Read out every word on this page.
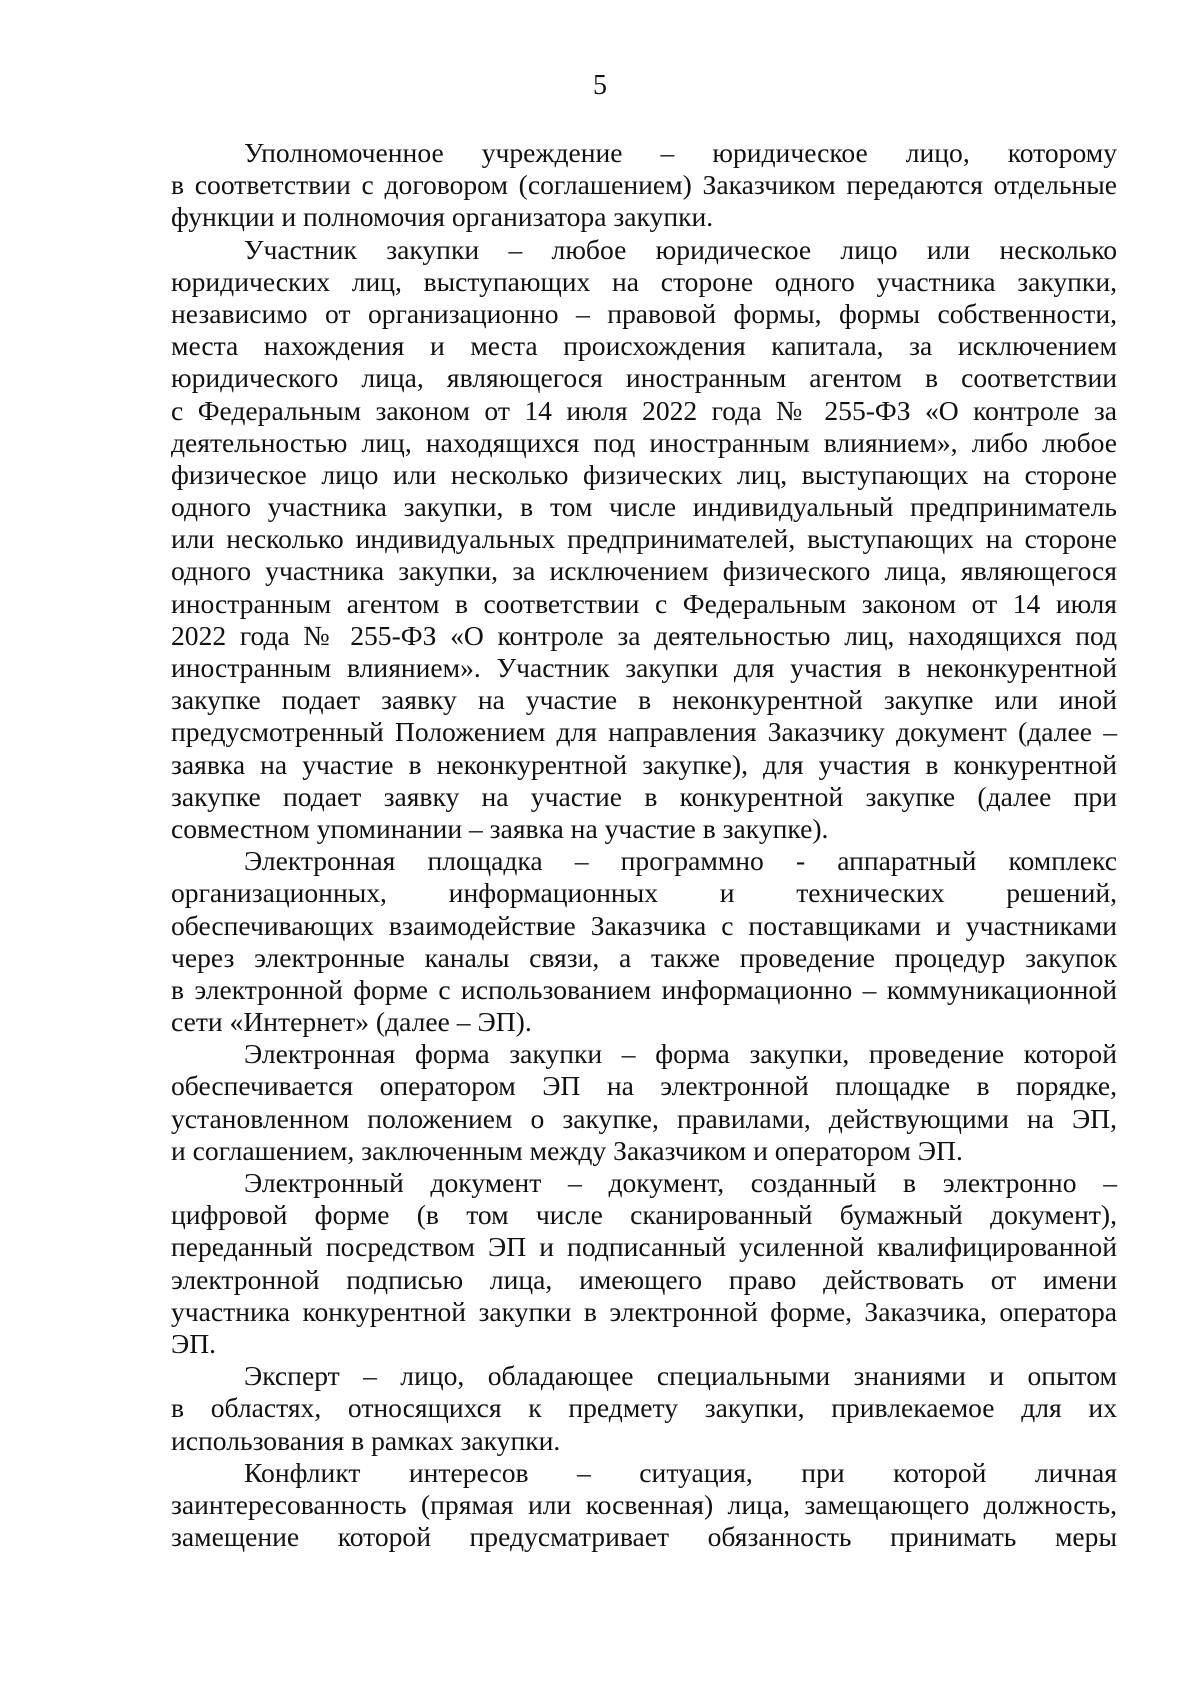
5
Уполномоченное учреждение – юридическое лицо, которому
в соответствии с договором (соглашением) Заказчиком передаются отдельные
функции и полномочия организатора закупки.
Участник закупки – любое юридическое лицо или несколько
юридических лиц, выступающих на стороне одного участника закупки,
независимо от организационно – правовой формы, формы собственности,
места нахождения и места происхождения капитала, за исключением
юридического лица, являющегося иностранным агентом в соответствии
с Федеральным законом от 14 июля 2022 года № 255-ФЗ «О контроле за
деятельностью лиц, находящихся под иностранным влиянием», либо любое
физическое лицо или несколько физических лиц, выступающих на стороне
одного участника закупки, в том числе индивидуальный предприниматель
или несколько индивидуальных предпринимателей, выступающих на стороне
одного участника закупки, за исключением физического лица, являющегося
иностранным агентом в соответствии с Федеральным законом от 14 июля
2022 года № 255-ФЗ «О контроле за деятельностью лиц, находящихся под
иностранным влиянием». Участник закупки для участия в неконкурентной
закупке подает заявку на участие в неконкурентной закупке или иной
предусмотренный Положением для направления Заказчику документ (далее –
заявка на участие в неконкурентной закупке), для участия в конкурентной
закупке подает заявку на участие в конкурентной закупке (далее при
совместном упоминании – заявка на участие в закупке).
Электронная площадка – программно - аппаратный комплекс
организационных, информационных и технических решений,
обеспечивающих взаимодействие Заказчика с поставщиками и участниками
через электронные каналы связи, а также проведение процедур закупок
в электронной форме с использованием информационно – коммуникационной
сети «Интернет» (далее – ЭП).
Электронная форма закупки – форма закупки, проведение которой
обеспечивается оператором ЭП на электронной площадке в порядке,
установленном положением о закупке, правилами, действующими на ЭП,
и соглашением, заключенным между Заказчиком и оператором ЭП.
Электронный документ – документ, созданный в электронно –
цифровой форме (в том числе сканированный бумажный документ),
переданный посредством ЭП и подписанный усиленной квалифицированной
электронной подписью лица, имеющего право действовать от имени
участника конкурентной закупки в электронной форме, Заказчика, оператора
ЭП.
Эксперт – лицо, обладающее специальными знаниями и опытом
в областях, относящихся к предмету закупки, привлекаемое для их
использования в рамках закупки.
Конфликт интересов – ситуация, при которой личная
заинтересованность (прямая или косвенная) лица, замещающего должность,
замещение которой предусматривает обязанность принимать меры
